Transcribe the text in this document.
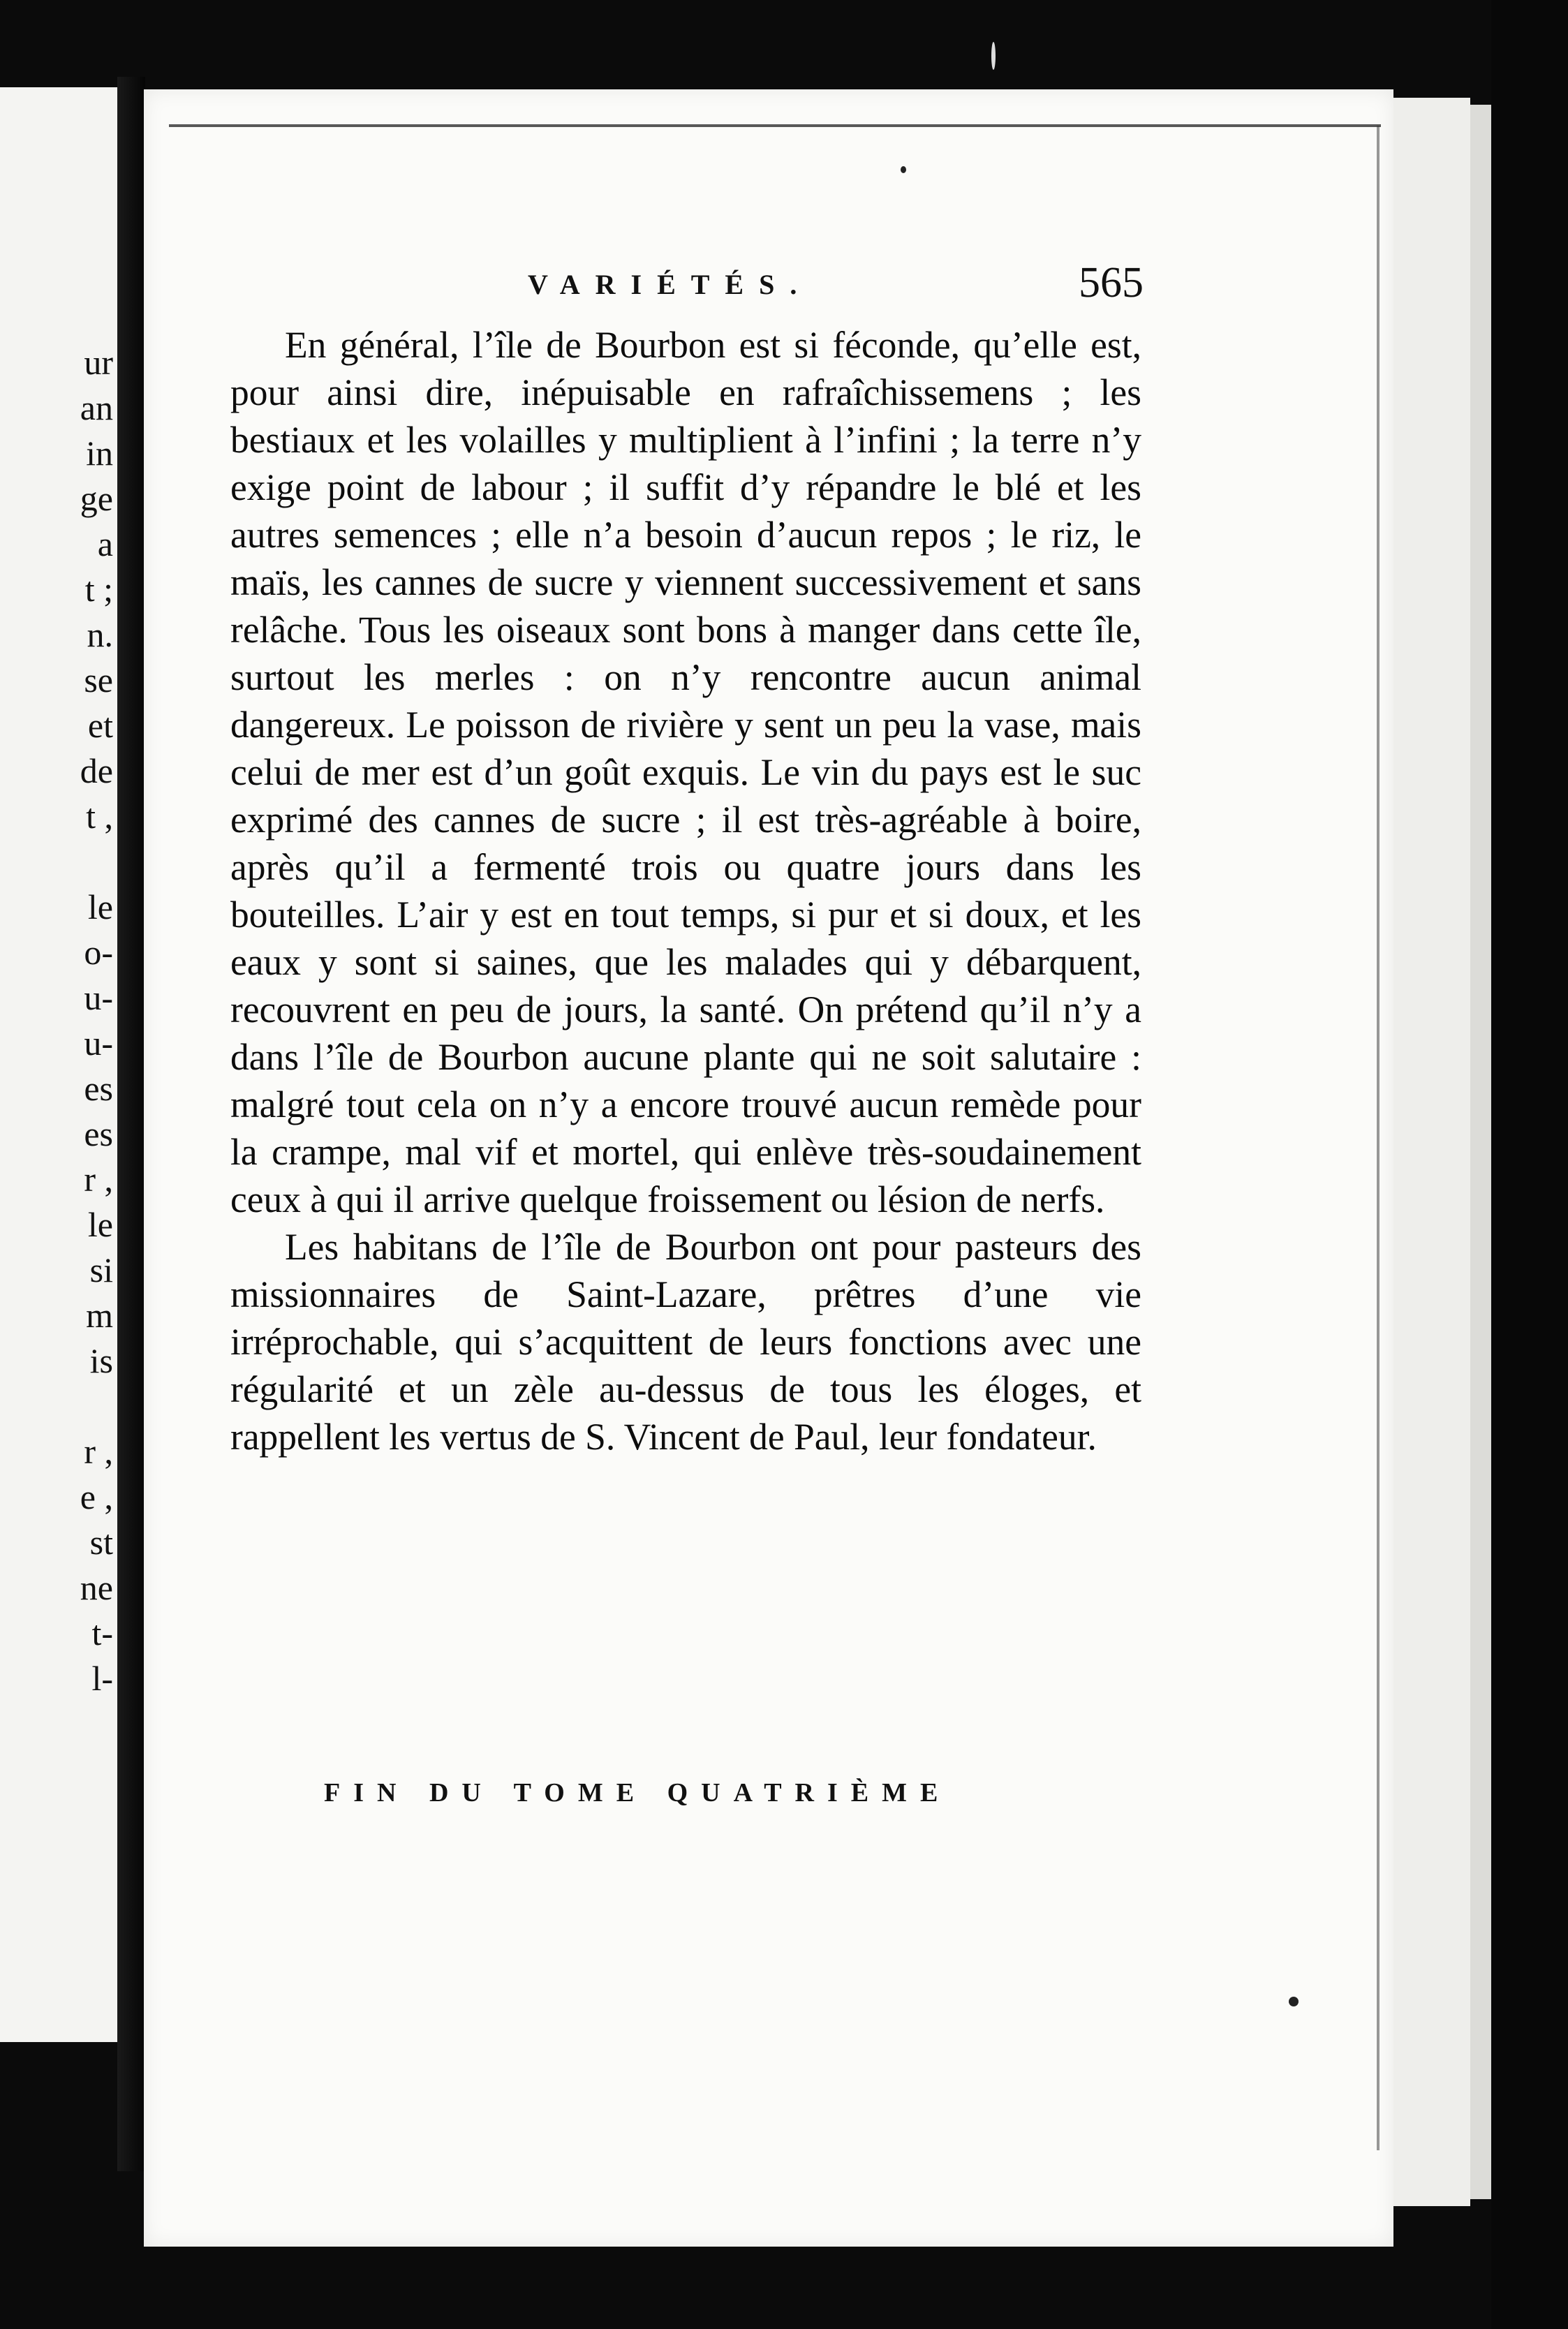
ur
an
in
ge
a
t ;
n.
se
et
de
t ,

le
o-
u-
u-
es
es
r ,
le
si
m
is

r ,
e ,
st
ne
t-
l-
VARIÉTÉS.	565

En général, l’île de Bourbon est si féconde, qu’elle est, pour ainsi dire, inépuisable en rafraîchissemens ; les bestiaux et les volailles y multiplient à l’infini ; la terre n’y exige point de labour ; il suffit d’y répandre le blé et les autres semences ; elle n’a besoin d’aucun repos ; le riz, le maïs, les cannes de sucre y viennent successivement et sans relâche. Tous les oiseaux sont bons à manger dans cette île, surtout les merles : on n’y rencontre aucun animal dangereux. Le poisson de rivière y sent un peu la vase, mais celui de mer est d’un goût exquis. Le vin du pays est le suc exprimé des cannes de sucre ; il est très-agréable à boire, après qu’il a fermenté trois ou quatre jours dans les bouteilles. L’air y est en tout temps, si pur et si doux, et les eaux y sont si saines, que les malades qui y débarquent, recouvrent en peu de jours, la santé. On prétend qu’il n’y a dans l’île de Bourbon aucune plante qui ne soit salutaire : malgré tout cela on n’y a encore trouvé aucun remède pour la crampe, mal vif et mortel, qui enlève très-soudainement ceux à qui il arrive quelque froissement ou lésion de nerfs.

Les habitans de l’île de Bourbon ont pour pasteurs des missionnaires de Saint-Lazare, prêtres d’une vie irréprochable, qui s’acquittent de leurs fonctions avec une régularité et un zèle au-dessus de tous les éloges, et rappellent les vertus de S. Vincent de Paul, leur fondateur.

FIN DU TOME QUATRIÈME
